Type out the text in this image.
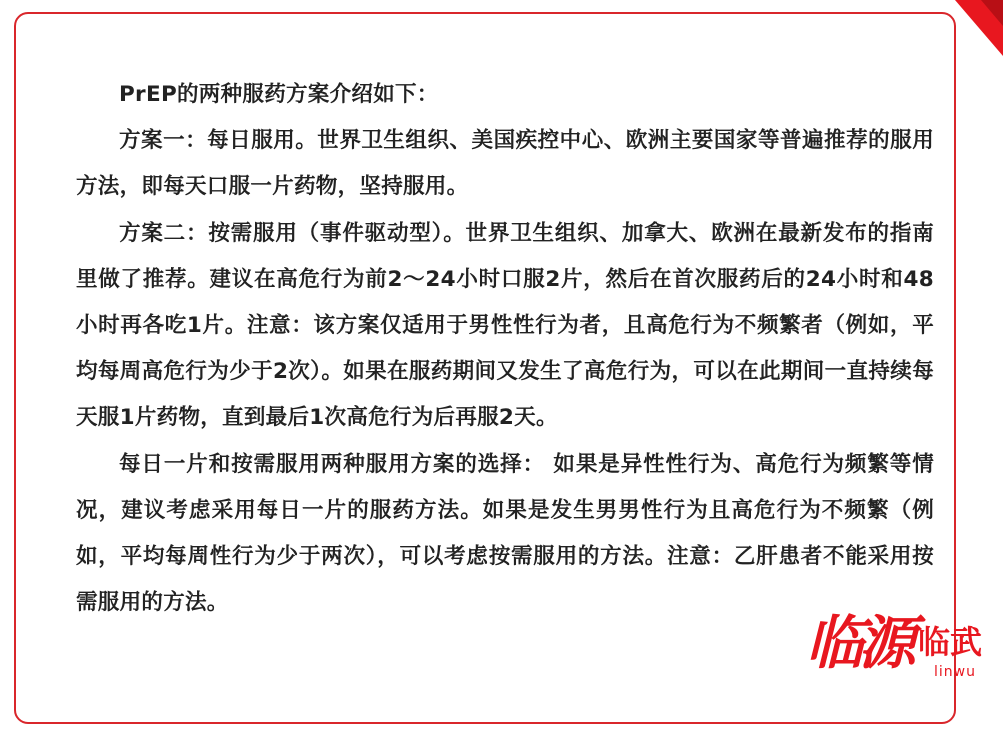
PrEP的两种服药方案介绍如下：

方案一：每日服用。世界卫生组织、美国疾控中心、欧洲主要国家等普遍推荐的服用方法，即每天口服一片药物，坚持服用。

方案二：按需服用（事件驱动型）。世界卫生组织、加拿大、欧洲在最新发布的指南里做了推荐。建议在高危行为前2～24小时口服2片，然后在首次服药后的24小时和48小时再各吃1片。注意：该方案仅适用于男性性行为者，且高危行为不频繁者（例如，平均每周高危行为少于2次）。如果在服药期间又发生了高危行为，可以在此期间一直持续每天服1片药物，直到最后1次高危行为后再服2天。

每日一片和按需服用两种服用方案的选择： 如果是异性性行为、高危行为频繁等情况，建议考虑采用每日一片的服药方法。如果是发生男男性行为且高危行为不频繁（例如，平均每周性行为少于两次），可以考虑按需服用的方法。注意：乙肝患者不能采用按需服用的方法。

临源 临武
linwu
